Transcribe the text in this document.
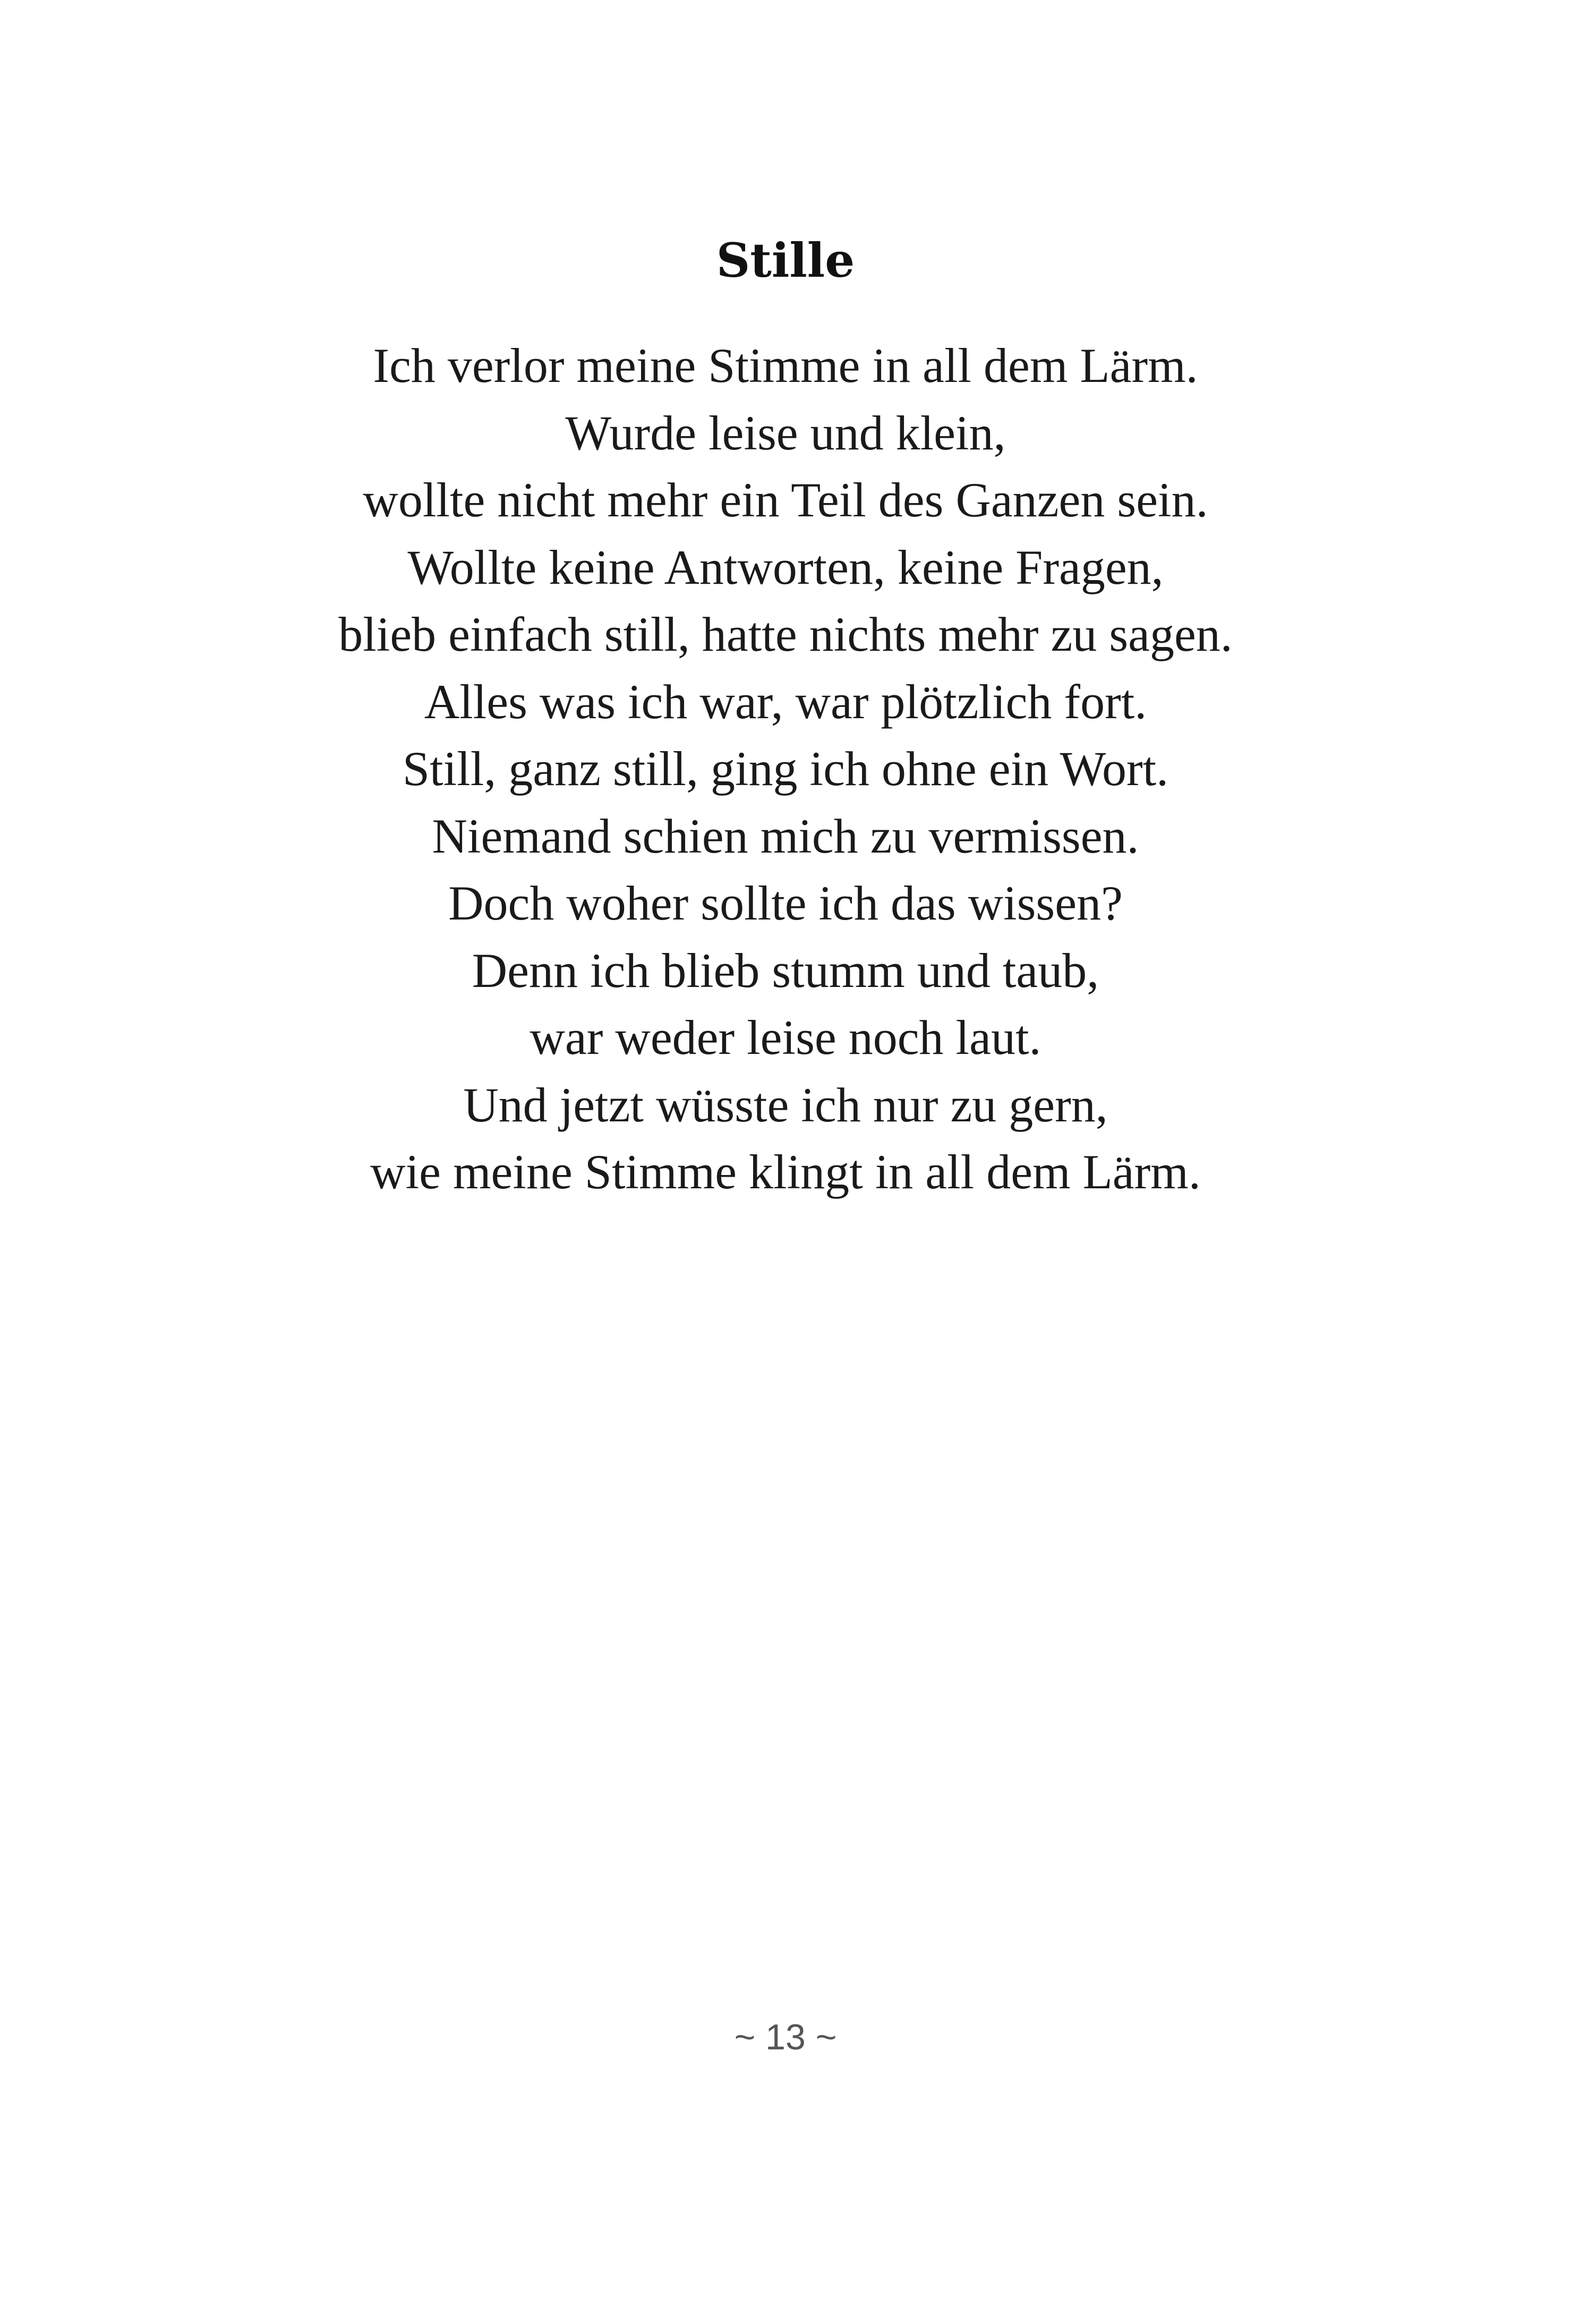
Stille
Ich verlor meine Stimme in all dem Lärm.
Wurde leise und klein,
wollte nicht mehr ein Teil des Ganzen sein.
Wollte keine Antworten, keine Fragen,
blieb einfach still, hatte nichts mehr zu sagen.
Alles was ich war, war plötzlich fort.
Still, ganz still, ging ich ohne ein Wort.
Niemand schien mich zu vermissen.
Doch woher sollte ich das wissen?
Denn ich blieb stumm und taub,
war weder leise noch laut.
Und jetzt wüsste ich nur zu gern,
wie meine Stimme klingt in all dem Lärm.
~ 13 ~
